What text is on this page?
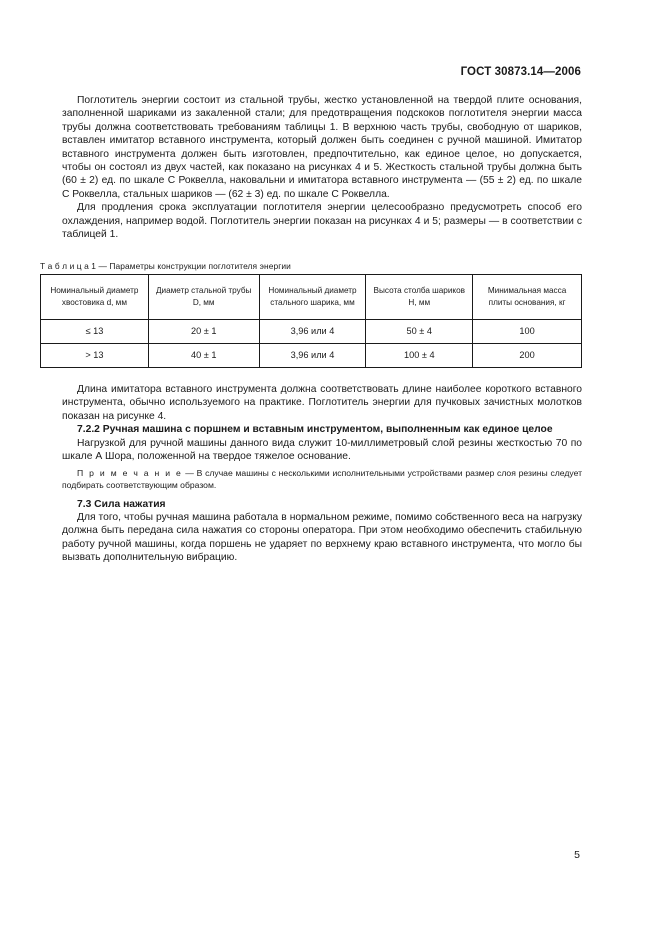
ГОСТ 30873.14—2006

Поглотитель энергии состоит из стальной трубы, жестко установленной на твердой плите основания, заполненной шариками из закаленной стали; для предотвращения подскоков поглотителя энергии масса трубы должна соответствовать требованиям таблицы 1. В верхнюю часть трубы, свободную от шариков, вставлен имитатор вставного инструмента, который должен быть соединен с ручной машиной. Имитатор вставного инструмента должен быть изготовлен, предпочтительно, как единое целое, но допускается, чтобы он состоял из двух частей, как показано на рисунках 4 и 5. Жесткость стальной трубы должна быть (60 ± 2) ед. по шкале С Роквелла, наковальни и имитатора вставного инструмента — (55 ± 2) ед. по шкале С Роквелла, стальных шариков — (62 ± 3) ед. по шкале С Роквелла.

Для продления срока эксплуатации поглотителя энергии целесообразно предусмотреть способ его охлаждения, например водой. Поглотитель энергии показан на рисунках 4 и 5; размеры — в соответствии с таблицей 1.

Т а б л и ц а 1 — Параметры конструкции поглотителя энергии
Номинальный диаметр хвостовика d, мм	Диаметр стальной трубы D, мм	Номинальный диаметр стального шарика, мм	Высота столба шариков H, мм	Минимальная масса плиты основания, кг
≤ 13	20 ± 1	3,96 или 4	50 ± 4	100
> 13	40 ± 1	3,96 или 4	100 ± 4	200

Длина имитатора вставного инструмента должна соответствовать длине наиболее короткого вставного инструмента, обычно используемого на практике. Поглотитель энергии для пучковых зачистных молотков показан на рисунке 4.

7.2.2 Ручная машина с поршнем и вставным инструментом, выполненным как единое целое

Нагрузкой для ручной машины данного вида служит 10-миллиметровый слой резины жесткостью 70 по шкале А Шора, положенной на твердое тяжелое основание.

П р и м е ч а н и е — В случае машины с несколькими исполнительными устройствами размер слоя резины следует подбирать соответствующим образом.

7.3 Сила нажатия

Для того, чтобы ручная машина работала в нормальном режиме, помимо собственного веса на нагрузку должна быть передана сила нажатия со стороны оператора. При этом необходимо обеспечить стабильную работу ручной машины, когда поршень не ударяет по верхнему краю вставного инструмента, что могло бы вызвать дополнительную вибрацию.

5
